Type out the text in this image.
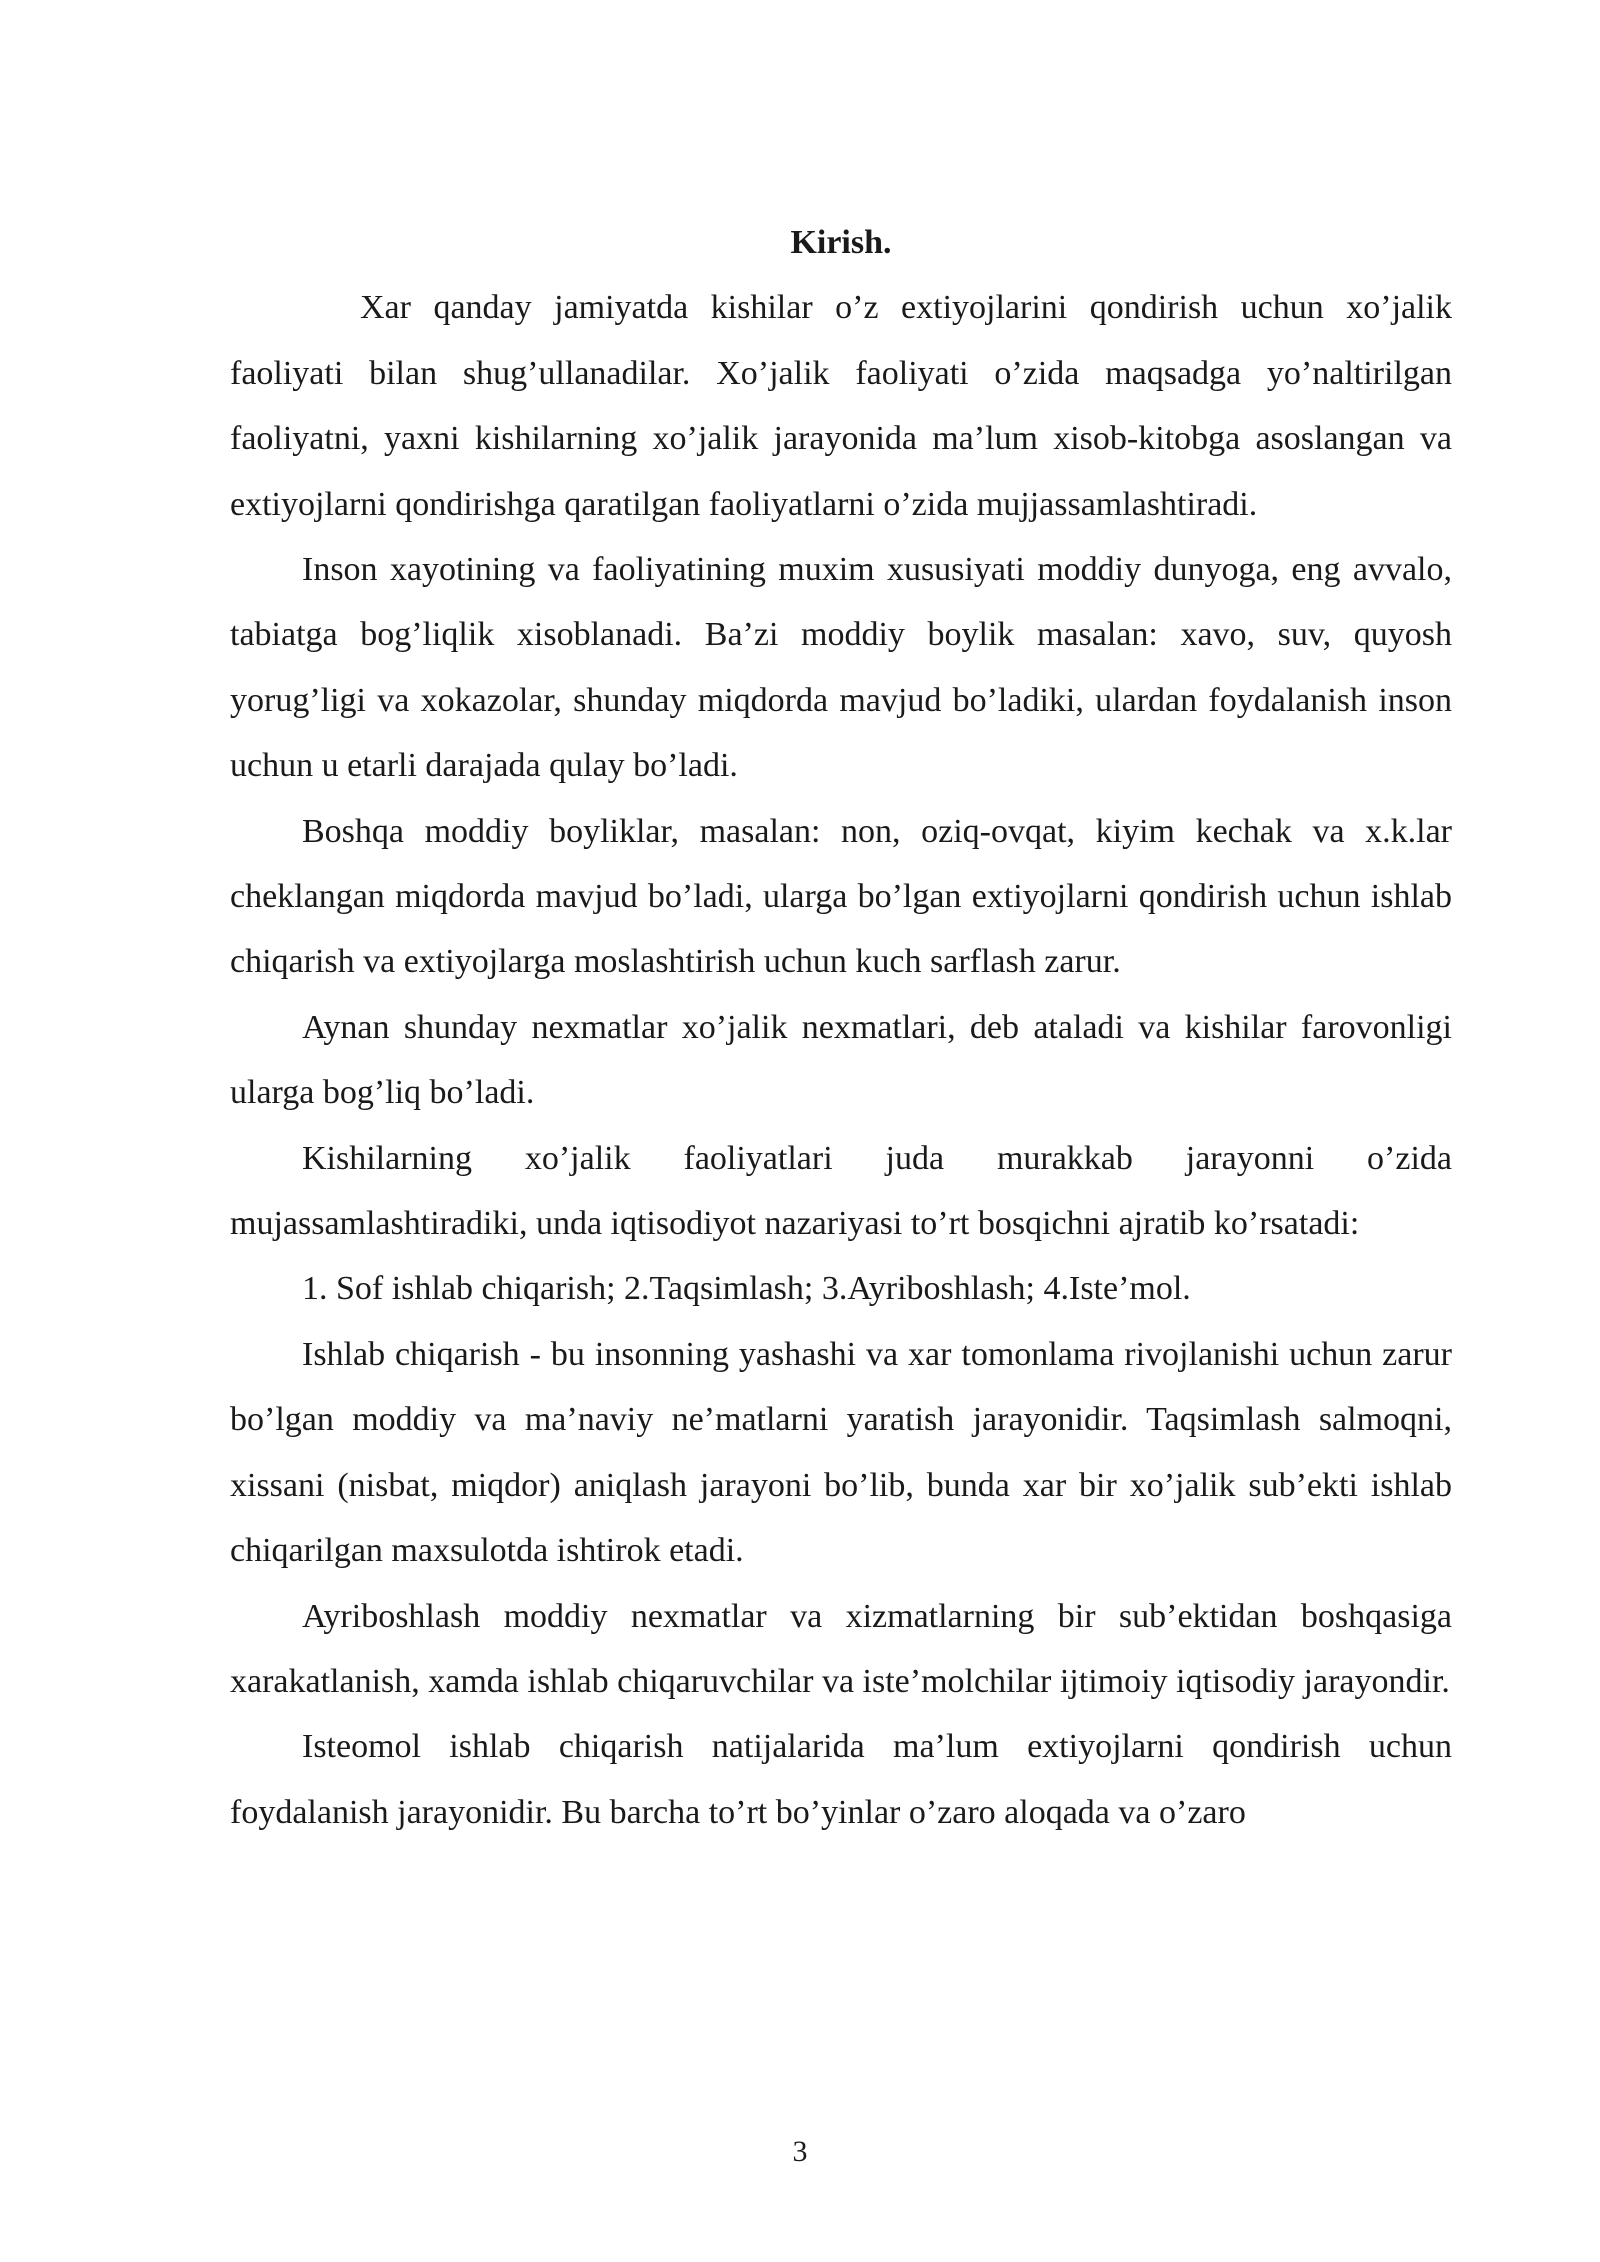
Kirish.

Xar qanday jamiyatda kishilar o’z extiyojlarini qondirish uchun xo’jalik faoliyati bilan shug’ullanadilar. Xo’jalik faoliyati o’zida maqsadga yo’naltirilgan faoliyatni, yaxni kishilarning xo’jalik jarayonida ma’lum xisob-kitobga asoslangan va extiyojlarni qondirishga qaratilgan faoliyatlarni o’zida mujjassamlashtiradi.

Inson xayotining va faoliyatining muxim xususiyati moddiy dunyoga, eng avvalo, tabiatga bog’liqlik xisoblanadi. Ba’zi moddiy boylik masalan: xavo, suv, quyosh yorug’ligi va xokazolar, shunday miqdorda mavjud bo’ladiki, ulardan foydalanish inson uchun u etarli darajada qulay bo’ladi.

Boshqa moddiy boyliklar, masalan: non, oziq-ovqat, kiyim kechak va x.k.lar cheklangan miqdorda mavjud bo’ladi, ularga bo’lgan extiyojlarni qondirish uchun ishlab chiqarish va extiyojlarga moslashtirish uchun kuch sarflash zarur.

Aynan shunday nexmatlar xo’jalik nexmatlari, deb ataladi va kishilar farovonligi ularga bog’liq bo’ladi.

Kishilarning xo’jalik faoliyatlari juda murakkab jarayonni o’zida mujassamlashtiradiki, unda iqtisodiyot nazariyasi to’rt bosqichni ajratib ko’rsatadi:

1. Sof ishlab chiqarish; 2.Taqsimlash; 3.Ayriboshlash; 4.Iste’mol.

Ishlab chiqarish - bu insonning yashashi va xar tomonlama rivojlanishi uchun zarur bo’lgan moddiy va ma’naviy ne’matlarni yaratish jarayonidir. Taqsimlash salmoqni, xissani (nisbat, miqdor) aniqlash jarayoni bo’lib, bunda xar bir xo’jalik sub’ekti ishlab chiqarilgan maxsulotda ishtirok etadi.

Ayriboshlash moddiy nexmatlar va xizmatlarning bir sub’ektidan boshqasiga xarakatlanish, xamda ishlab chiqaruvchilar va iste’molchilar ijtimoiy iqtisodiy jarayondir.

Isteomol ishlab chiqarish natijalarida ma’lum extiyojlarni qondirish uchun foydalanish jarayonidir. Bu barcha to’rt bo’yinlar o’zaro aloqada va o’zaro

3
